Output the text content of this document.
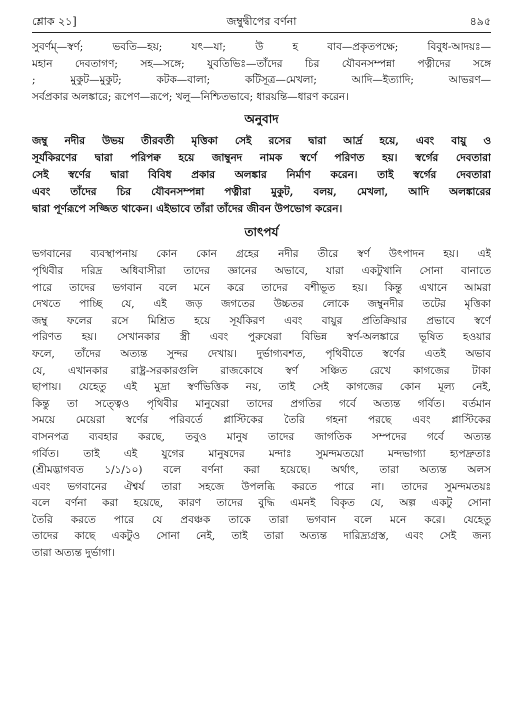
শ্লোক ২১]	জম্বুদ্বীপের বর্ণনা	৪৯৫
সুবর্ণম্—স্বর্ণ; ভবতি—হয়; যৎ—যা; উ হ বাব—প্রকৃতপক্ষে; বিবুধ-আদয়ঃ—
মহান দেবতাগণ; সহ—সঙ্গে; যুবতিভিঃ—তাঁদের চির যৌবনসম্পন্না পত্নীদের সঙ্গে
; মুকুট—মুকুট; কটক—বালা; কটিসূত্র—মেখলা; আদি—ইত্যাদি; আভরণ—
সর্বপ্রকার অলঙ্কারে; রূপেণ—রূপে; খলু—নিশ্চিতভাবে; ধারয়ন্তি—ধারণ করেন।
অনুবাদ
জম্বু নদীর উভয় তীরবর্তী মৃত্তিকা সেই রসের দ্বারা আর্দ্র হয়ে, এবং বায়ু ও
সূর্যকিরণের দ্বারা পরিপক্ব হয়ে জাম্বুনদ নামক স্বর্ণে পরিণত হয়। স্বর্গের দেবতারা
সেই স্বর্ণের দ্বারা বিবিধ প্রকার অলঙ্কার নির্মাণ করেন। তাই স্বর্গের দেবতারা
এবং তাঁদের চির যৌবনসম্পন্না পত্নীরা মুকুট, বলয়, মেখলা, আদি অলঙ্কারের
দ্বারা পূর্ণরূপে সজ্জিত থাকেন। এইভাবে তাঁরা তাঁদের জীবন উপভোগ করেন।
তাৎপর্য
ভগবানের ব্যবস্থাপনায় কোন কোন গ্রহের নদীর তীরে স্বর্ণ উৎপাদন হয়। এই
পৃথিবীর দরিদ্র অধিবাসীরা তাদের জ্ঞানের অভাবে, যারা একটুখানি সোনা বানাতে
পারে তাদের ভগবান বলে মনে করে তাদের বশীভূত হয়। কিন্তু এখানে আমরা
দেখতে পাচ্ছি যে, এই জড় জগতের উচ্চতর লোকে জম্বুনদীর তটের মৃত্তিকা
জম্বু ফলের রসে মিশ্রিত হয়ে সূর্যকিরণ এবং বায়ুর প্রতিক্রিয়ার প্রভাবে স্বর্ণে
পরিণত হয়। সেখানকার স্ত্রী এবং পুরুষেরা বিভিন্ন স্বর্ণ-অলঙ্কারে ভূষিত হওয়ার
ফলে, তাঁদের অত্যন্ত সুন্দর দেখায়। দুর্ভাগ্যবশত, পৃথিবীতে স্বর্ণের এতই অভাব
যে, এখানকার রাষ্ট্র-সরকারগুলি রাজকোষে স্বর্ণ সঞ্চিত রেখে কাগজের টাকা
ছাপায়। যেহেতু এই মুদ্রা স্বর্ণভিত্তিক নয়, তাই সেই কাগজের কোন মূল্য নেই,
কিন্তু তা সত্ত্বেও পৃথিবীর মানুষেরা তাদের প্রগতির গর্বে অত্যন্ত গর্বিত। বর্তমান
সময়ে মেয়েরা স্বর্ণের পরিবর্তে প্লাস্টিকের তৈরি গহনা পরছে এবং প্লাস্টিকের
বাসনপত্র ব্যবহার করছে, তবুও মানুষ তাদের জাগতিক সম্পদের গর্বে অত্যন্ত
গর্বিত। তাই এই যুগের মানুষদের মন্দাঃ সুমন্দমতয়ো মন্দভাগ্যা হ্যপদ্রুতাঃ
(শ্রীমদ্ভাগবত ১/১/১০) বলে বর্ণনা করা হয়েছে। অর্থাৎ, তারা অত্যন্ত অলস
এবং ভগবানের ঐশ্বর্য তারা সহজে উপলব্ধি করতে পারে না। তাদের সুমন্দমতয়ঃ
বলে বর্ণনা করা হয়েছে, কারণ তাদের বুদ্ধি এমনই বিকৃত যে, অল্প একটু সোনা
তৈরি করতে পারে যে প্রবঞ্চক তাকে তারা ভগবান বলে মনে করে। যেহেতু
তাদের কাছে একটুও সোনা নেই, তাই তারা অত্যন্ত দারিদ্র্যগ্রস্ত, এবং সেই জন্য
তারা অত্যন্ত দুর্ভাগা।
